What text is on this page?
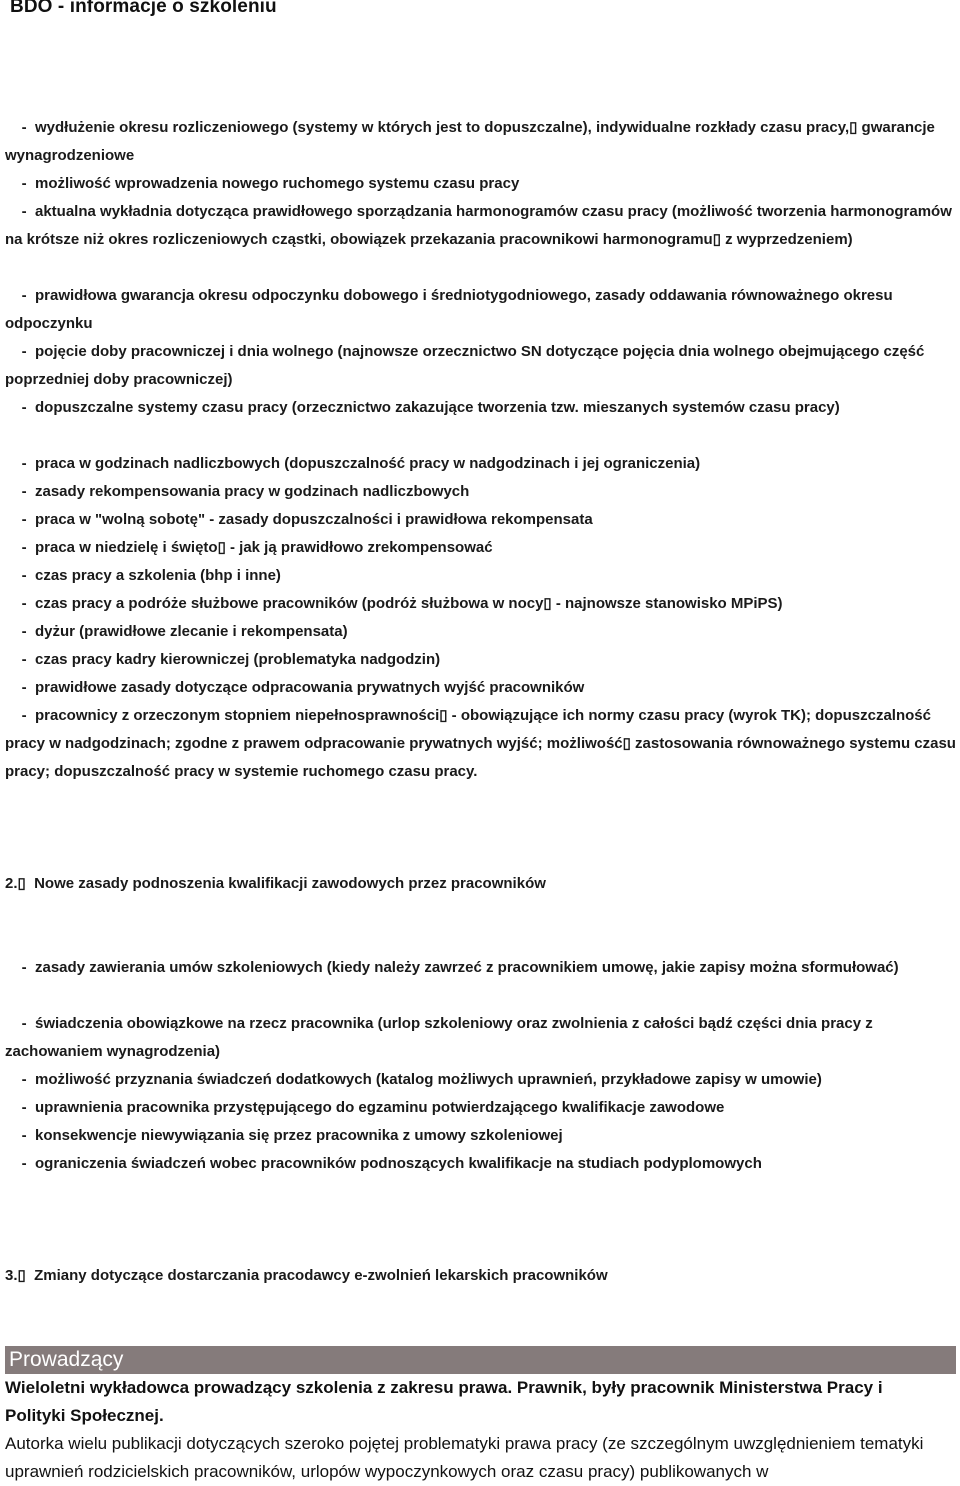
BDO - informacje o szkoleniu
-  wydłużenie okresu rozliczeniowego (systemy w których jest to dopuszczalne), indywidualne rozkłady czasu pracy,▯ gwarancje wynagrodzeniowe
-  możliwość wprowadzenia nowego ruchomego systemu czasu pracy
-  aktualna wykładnia dotycząca prawidłowego sporządzania harmonogramów czasu pracy (możliwość tworzenia harmonogramów na krótsze niż okres rozliczeniowych cząstki, obowiązek przekazania pracownikowi harmonogramu▯ z wyprzedzeniem)
-  prawidłowa gwarancja okresu odpoczynku dobowego i średniotygodniowego, zasady oddawania równoważnego okresu odpoczynku
-  pojęcie doby pracowniczej i dnia wolnego (najnowsze orzecznictwo SN dotyczące pojęcia dnia wolnego obejmującego część poprzedniej doby pracowniczej)
-  dopuszczalne systemy czasu pracy (orzecznictwo zakazujące tworzenia tzw. mieszanych systemów czasu pracy)
-  praca w godzinach nadliczbowych (dopuszczalność pracy w nadgodzinach i jej ograniczenia)
-  zasady rekompensowania pracy w godzinach nadliczbowych
-  praca w "wolną sobotę" - zasady dopuszczalności i prawidłowa rekompensata
-  praca w niedzielę i święto▯ - jak ją prawidłowo zrekompensować
-  czas pracy a szkolenia (bhp i inne)
-  czas pracy a podróże służbowe pracowników (podróż służbowa w nocy▯ - najnowsze stanowisko MPiPS)
-  dyżur (prawidłowe zlecanie i rekompensata)
-  czas pracy kadry kierowniczej (problematyka nadgodzin)
-  prawidłowe zasady dotyczące odpracowania prywatnych wyjść pracowników
-  pracownicy z orzeczonym stopniem niepełnosprawności▯ - obowiązujące ich normy czasu pracy (wyrok TK); dopuszczalność pracy w nadgodzinach; zgodne z prawem odpracowanie prywatnych wyjść; możliwość▯ zastosowania równoważnego systemu czasu pracy; dopuszczalność pracy w systemie ruchomego czasu pracy.
2.▯  Nowe zasady podnoszenia kwalifikacji zawodowych przez pracowników
-  zasady zawierania umów szkoleniowych (kiedy należy zawrzeć z pracownikiem umowę, jakie zapisy można sformułować)
-  świadczenia obowiązkowe na rzecz pracownika (urlop szkoleniowy oraz zwolnienia z całości bądź części dnia pracy z zachowaniem wynagrodzenia)
-  możliwość przyznania świadczeń dodatkowych (katalog możliwych uprawnień, przykładowe zapisy w umowie)
-  uprawnienia pracownika przystępującego do egzaminu potwierdzającego kwalifikacje zawodowe
-  konsekwencje niewywiązania się przez pracownika z umowy szkoleniowej
-  ograniczenia świadczeń wobec pracowników podnoszących kwalifikacje na studiach podyplomowych
3.▯  Zmiany dotyczące dostarczania pracodawcy e-zwolnień lekarskich pracowników
Prowadzący
Wieloletni wykładowca prowadzący szkolenia z zakresu prawa. Prawnik, były pracownik Ministerstwa Pracy i Polityki Społecznej.
Autorka wielu publikacji dotyczących szeroko pojętej problematyki prawa pracy (ze szczególnym uwzględnieniem tematyki uprawnień rodzicielskich pracowników, urlopów wypoczynkowych oraz czasu pracy) publikowanych w
